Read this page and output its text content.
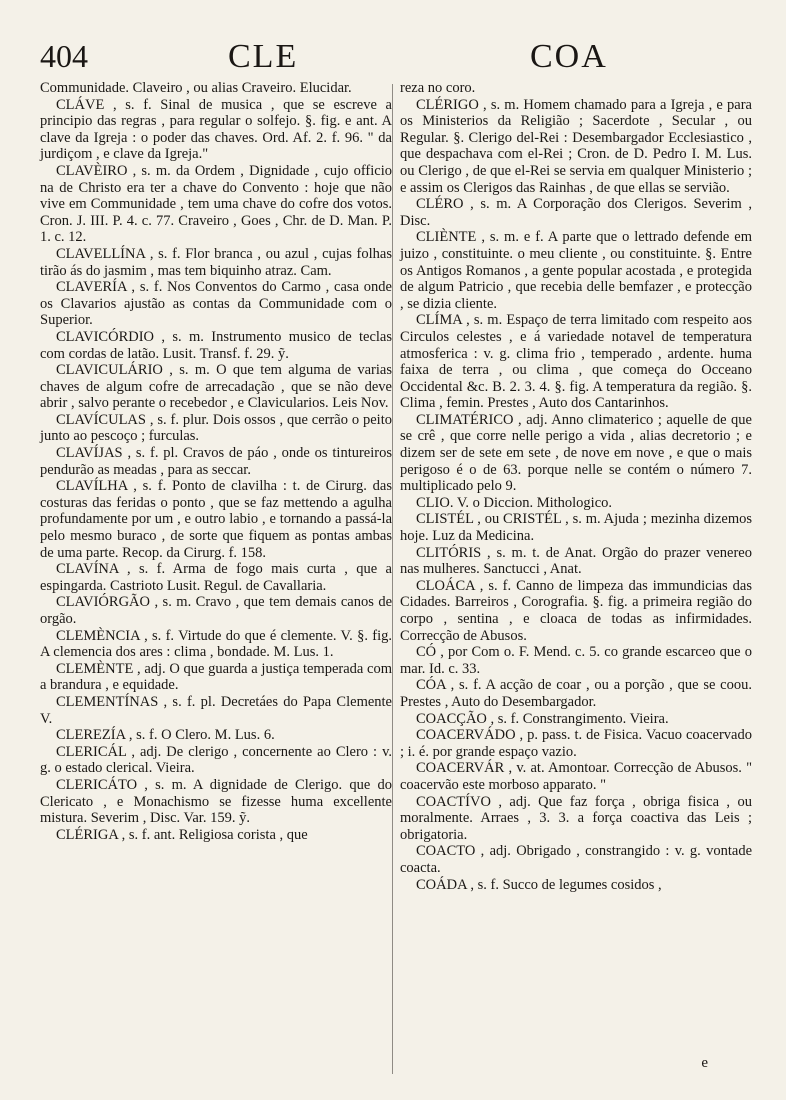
404	CLE	COA

Communidade. Claveiro , ou alias Craveiro. Elucidar.

CLÁVE , s. f. Sinal de musica , que se escreve a principio das regras , para regular o solfejo. §. fig. e ant. A clave da Igreja : o poder das chaves. Ord. Af. 2. f. 96. " da jurdiçom , e clave da Igreja."

CLAVÈIRO , s. m. da Ordem , Dignidade , cujo officio na de Christo era ter a chave do Convento : hoje que não vive em Communidade , tem uma chave do cofre dos votos. Cron. J. III. P. 4. c. 77. Craveiro , Goes , Chr. de D. Man. P. 1. c. 12.

CLAVELLÍNA , s. f. Flor branca , ou azul , cujas folhas tirão ás do jasmim , mas tem biquinho atraz. Cam.

CLAVERÍA , s. f. Nos Conventos do Carmo , casa onde os Clavarios ajustão as contas da Communidade com o Superior.

CLAVICÓRDIO , s. m. Instrumento musico de teclas com cordas de latão. Lusit. Transf. f. 29. ỹ.

CLAVICULÁRIO , s. m. O que tem alguma de varias chaves de algum cofre de arrecadação , que se não deve abrir , salvo perante o recebedor , e Clavicularios. Leis Nov.

CLAVÍCULAS , s. f. plur. Dois ossos , que cerrão o peito junto ao pescoço ; furculas.

CLAVÍJAS , s. f. pl. Cravos de páo , onde os tintureiros pendurão as meadas , para as seccar.

CLAVÍLHA , s. f. Ponto de clavilha : t. de Cirurg. das costuras das feridas o ponto , que se faz mettendo a agulha profundamente por um , e outro labio , e tornando a passá-la pelo mesmo buraco , de sorte que fiquem as pontas ambas de uma parte. Recop. da Cirurg. f. 158.

CLAVÍNA , s. f. Arma de fogo mais curta , que a espingarda. Castrioto Lusit. Regul. de Cavallaria.

CLAVIÓRGÃO , s. m. Cravo , que tem demais canos de orgão.

CLEMÈNCIA , s. f. Virtude do que é clemente. V. §. fig. A clemencia dos ares : clima , bondade. M. Lus. 1.

CLEMÈNTE , adj. O que guarda a justiça temperada com a brandura , e equidade.

CLEMENTÍNAS , s. f. pl. Decretáes do Papa Clemente V.

CLEREZÍA , s. f. O Clero. M. Lus. 6.

CLERICÁL , adj. De clerigo , concernente ao Clero : v. g. o estado clerical. Vieira.

CLERICÁTO , s. m. A dignidade de Clerigo. que do Clericato , e Monachismo se fizesse huma excellente mistura. Severim , Disc. Var. 159. ỹ.

CLÉRIGA , s. f. ant. Religiosa corista , que

reza no coro.

CLÉRIGO , s. m. Homem chamado para a Igreja , e para os Ministerios da Religião ; Sacerdote , Secular , ou Regular. §. Clerigo del-Rei : Desembargador Ecclesiastico , que despachava com el-Rei ; Cron. de D. Pedro I. M. Lus. ou Clerigo , de que el-Rei se servia em qualquer Ministerio ; e assim os Clerigos das Rainhas , de que ellas se servião.

CLÉRO , s. m. A Corporação dos Clerigos. Severim , Disc.

CLIÈNTE , s. m. e f. A parte que o lettrado defende em juizo , constituinte. o meu cliente , ou constituinte. §. Entre os Antigos Romanos , a gente popular acostada , e protegida de algum Patricio , que recebia delle bemfazer , e protecção , se dizia cliente.

CLÍMA , s. m. Espaço de terra limitado com respeito aos Circulos celestes , e á variedade notavel de temperatura atmosferica : v. g. clima frio , temperado , ardente. huma faixa de terra , ou clima , que começa do Occeano Occidental &c. B. 2. 3. 4. §. fig. A temperatura da região. §. Clima , femin. Prestes , Auto dos Cantarinhos.

CLIMATÉRICO , adj. Anno climaterico ; aquelle de que se crê , que corre nelle perigo a vida , alias decretorio ; e dizem ser de sete em sete , de nove em nove , e que o mais perigoso é o de 63. porque nelle se contém o número 7. multiplicado pelo 9.

CLIO. V. o Diccion. Mithologico.

CLISTÉL , ou CRISTÉL , s. m. Ajuda ; mezinha dizemos hoje. Luz da Medicina.

CLITÓRIS , s. m. t. de Anat. Orgão do prazer venereo nas mulheres. Sanctucci , Anat.

CLOÁCA , s. f. Canno de limpeza das immundicias das Cidades. Barreiros , Corografia. §. fig. a primeira região do corpo , sentina , e cloaca de todas as infirmidades. Correcção de Abusos.

CÓ , por Com o. F. Mend. c. 5. co grande escarceo que o mar. Id. c. 33.

CÓA , s. f. A acção de coar , ou a porção , que se coou. Prestes , Auto do Desembargador.

COACÇÃO , s. f. Constrangimento. Vieira.

COACERVÁDO , p. pass. t. de Fisica. Vacuo coacervado ; i. é. por grande espaço vazio.

COACERVÁR , v. at. Amontoar. Correcção de Abusos. " coacervão este morboso apparato. "

COACTÍVO , adj. Que faz força , obriga fisica , ou moralmente. Arraes , 3. 3. a força coactiva das Leis ; obrigatoria.

COACTO , adj. Obrigado , constrangido : v. g. vontade coacta.

COÁDA , s. f. Succo de legumes cosidos ,

e
